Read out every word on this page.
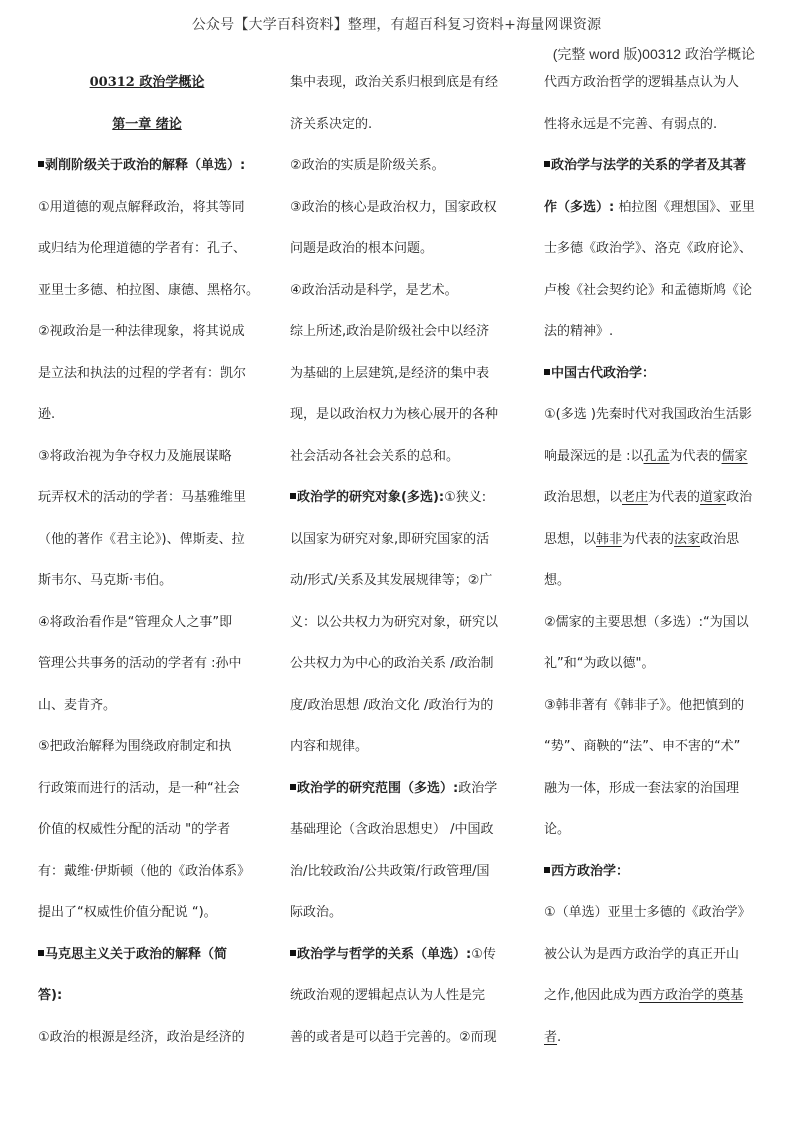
公众号【大学百科资料】整理，有超百科复习资料+海量网课资源
(完整 word 版)00312 政治学概论
00312 政治学概论
第一章 绪论
剥削阶级关于政治的解释（单选）:
①用道德的观点解释政治，将其等同
或归结为伦理道德的学者有：孔子、
亚里士多德、柏拉图、康德、黑格尔。
②视政治是一种法律现象，将其说成
是立法和执法的过程的学者有：凯尔
逊.
③将政治视为争夺权力及施展谋略
玩弄权术的活动的学者：马基雅维里
（他的著作《君主论》)、俾斯麦、拉
斯韦尔、马克斯·韦伯。
④将政治看作是“管理众人之事”即
管理公共事务的活动的学者有 :孙中
山、麦肯齐。
⑤把政治解释为围绕政府制定和执
行政策而进行的活动，是一种“社会
价值的权威性分配的活动 "的学者
有：戴维·伊斯顿（他的《政治体系》
提出了“权威性价值分配说 “)。
马克思主义关于政治的解释（简
答):
①政治的根源是经济，政治是经济的
集中表现，政治关系归根到底是有经
济关系决定的.
②政治的实质是阶级关系。
③政治的核心是政治权力，国家政权
问题是政治的根本问题。
④政治活动是科学，是艺术。
综上所述,政治是阶级社会中以经济
为基础的上层建筑,是经济的集中表
现，是以政治权力为核心展开的各种
社会活动各社会关系的总和。
政治学的研究对象(多选):①狭义:
以国家为研究对象,即研究国家的活
动/形式/关系及其发展规律等；②广
义：以公共权力为研究对象，研究以
公共权力为中心的政治关系 /政治制
度/政治思想 /政治文化 /政治行为的
内容和规律。
政治学的研究范围（多选）:政治学
基础理论（含政治思想史） /中国政
治/比较政治/公共政策/行政管理/国
际政治。
政治学与哲学的关系（单选）:①传
统政治观的逻辑起点认为人性是完
善的或者是可以趋于完善的。②而现
代西方政治哲学的逻辑基点认为人
性将永远是不完善、有弱点的.
政治学与法学的关系的学者及其著
作（多选）: 柏拉图《理想国》、亚里
士多德《政治学》、洛克《政府论》、
卢梭《社会契约论》和孟德斯鸠《论
法的精神》.
中国古代政治学：
①(多选 )先秦时代对我国政治生活影
响最深远的是 :以孔孟为代表的儒家
政治思想，以老庄为代表的道家政治
思想，以韩非为代表的法家政治思
想。
②儒家的主要思想（多选）:“为国以
礼”和“为政以德"。
③韩非著有《韩非子》。他把慎到的
“势”、商鞅的“法”、申不害的“术”
融为一体，形成一套法家的治国理
论。
西方政治学：
①（单选）亚里士多德的《政治学》
被公认为是西方政治学的真正开山
之作,他因此成为西方政治学的奠基
者.
